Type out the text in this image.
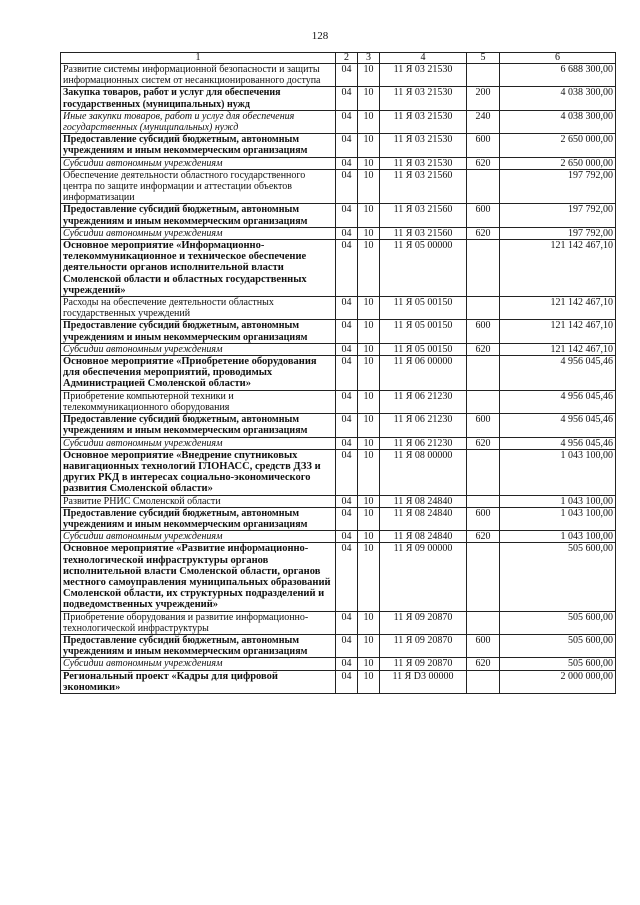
128
1	2	3	4	5	6
Развитие системы информационной безопасности и защиты информационных систем от несанкционированного доступа	04	10	11 Я 03 21530		6 688 300,00
Закупка товаров, работ и услуг для обеспечения государственных (муниципальных) нужд	04	10	11 Я 03 21530	200	4 038 300,00
Иные закупки товаров, работ и услуг для обеспечения государственных (муниципальных) нужд	04	10	11 Я 03 21530	240	4 038 300,00
Предоставление субсидий бюджетным, автономным учреждениям и иным некоммерческим организациям	04	10	11 Я 03 21530	600	2 650 000,00
Субсидии автономным учреждениям	04	10	11 Я 03 21530	620	2 650 000,00
Обеспечение деятельности областного государственного центра по защите информации и аттестации объектов информатизации	04	10	11 Я 03 21560		197 792,00
Предоставление субсидий бюджетным, автономным учреждениям и иным некоммерческим организациям	04	10	11 Я 03 21560	600	197 792,00
Субсидии автономным учреждениям	04	10	11 Я 03 21560	620	197 792,00
Основное мероприятие «Информационно-телекоммуникационное и техническое обеспечение деятельности органов исполнительной власти Смоленской области и областных государственных учреждений»	04	10	11 Я 05 00000		121 142 467,10
Расходы на обеспечение деятельности областных государственных учреждений	04	10	11 Я 05 00150		121 142 467,10
Предоставление субсидий бюджетным, автономным учреждениям и иным некоммерческим организациям	04	10	11 Я 05 00150	600	121 142 467,10
Субсидии автономным учреждениям	04	10	11 Я 05 00150	620	121 142 467,10
Основное мероприятие «Приобретение оборудования для обеспечения мероприятий, проводимых Администрацией Смоленской области»	04	10	11 Я 06 00000		4 956 045,46
Приобретение компьютерной техники и телекоммуникационного оборудования	04	10	11 Я 06 21230		4 956 045,46
Предоставление субсидий бюджетным, автономным учреждениям и иным некоммерческим организациям	04	10	11 Я 06 21230	600	4 956 045,46
Субсидии автономным учреждениям	04	10	11 Я 06 21230	620	4 956 045,46
Основное мероприятие «Внедрение спутниковых навигационных технологий ГЛОНАСС, средств ДЗЗ и других РКД в интересах социально-экономического развития Смоленской области»	04	10	11 Я 08 00000		1 043 100,00
Развитие РНИС Смоленской области	04	10	11 Я 08 24840		1 043 100,00
Предоставление субсидий бюджетным, автономным учреждениям и иным некоммерческим организациям	04	10	11 Я 08 24840	600	1 043 100,00
Субсидии автономным учреждениям	04	10	11 Я 08 24840	620	1 043 100,00
Основное мероприятие «Развитие информационно-технологической инфраструктуры органов исполнительной власти Смоленской области, органов местного самоуправления муниципальных образований Смоленской области, их структурных подразделений и подведомственных учреждений»	04	10	11 Я 09 00000		505 600,00
Приобретение оборудования и развитие информационно-технологической инфраструктуры	04	10	11 Я 09 20870		505 600,00
Предоставление субсидий бюджетным, автономным учреждениям и иным некоммерческим организациям	04	10	11 Я 09 20870	600	505 600,00
Субсидии автономным учреждениям	04	10	11 Я 09 20870	620	505 600,00
Региональный проект «Кадры для цифровой экономики»	04	10	11 Я D3 00000		2 000 000,00
